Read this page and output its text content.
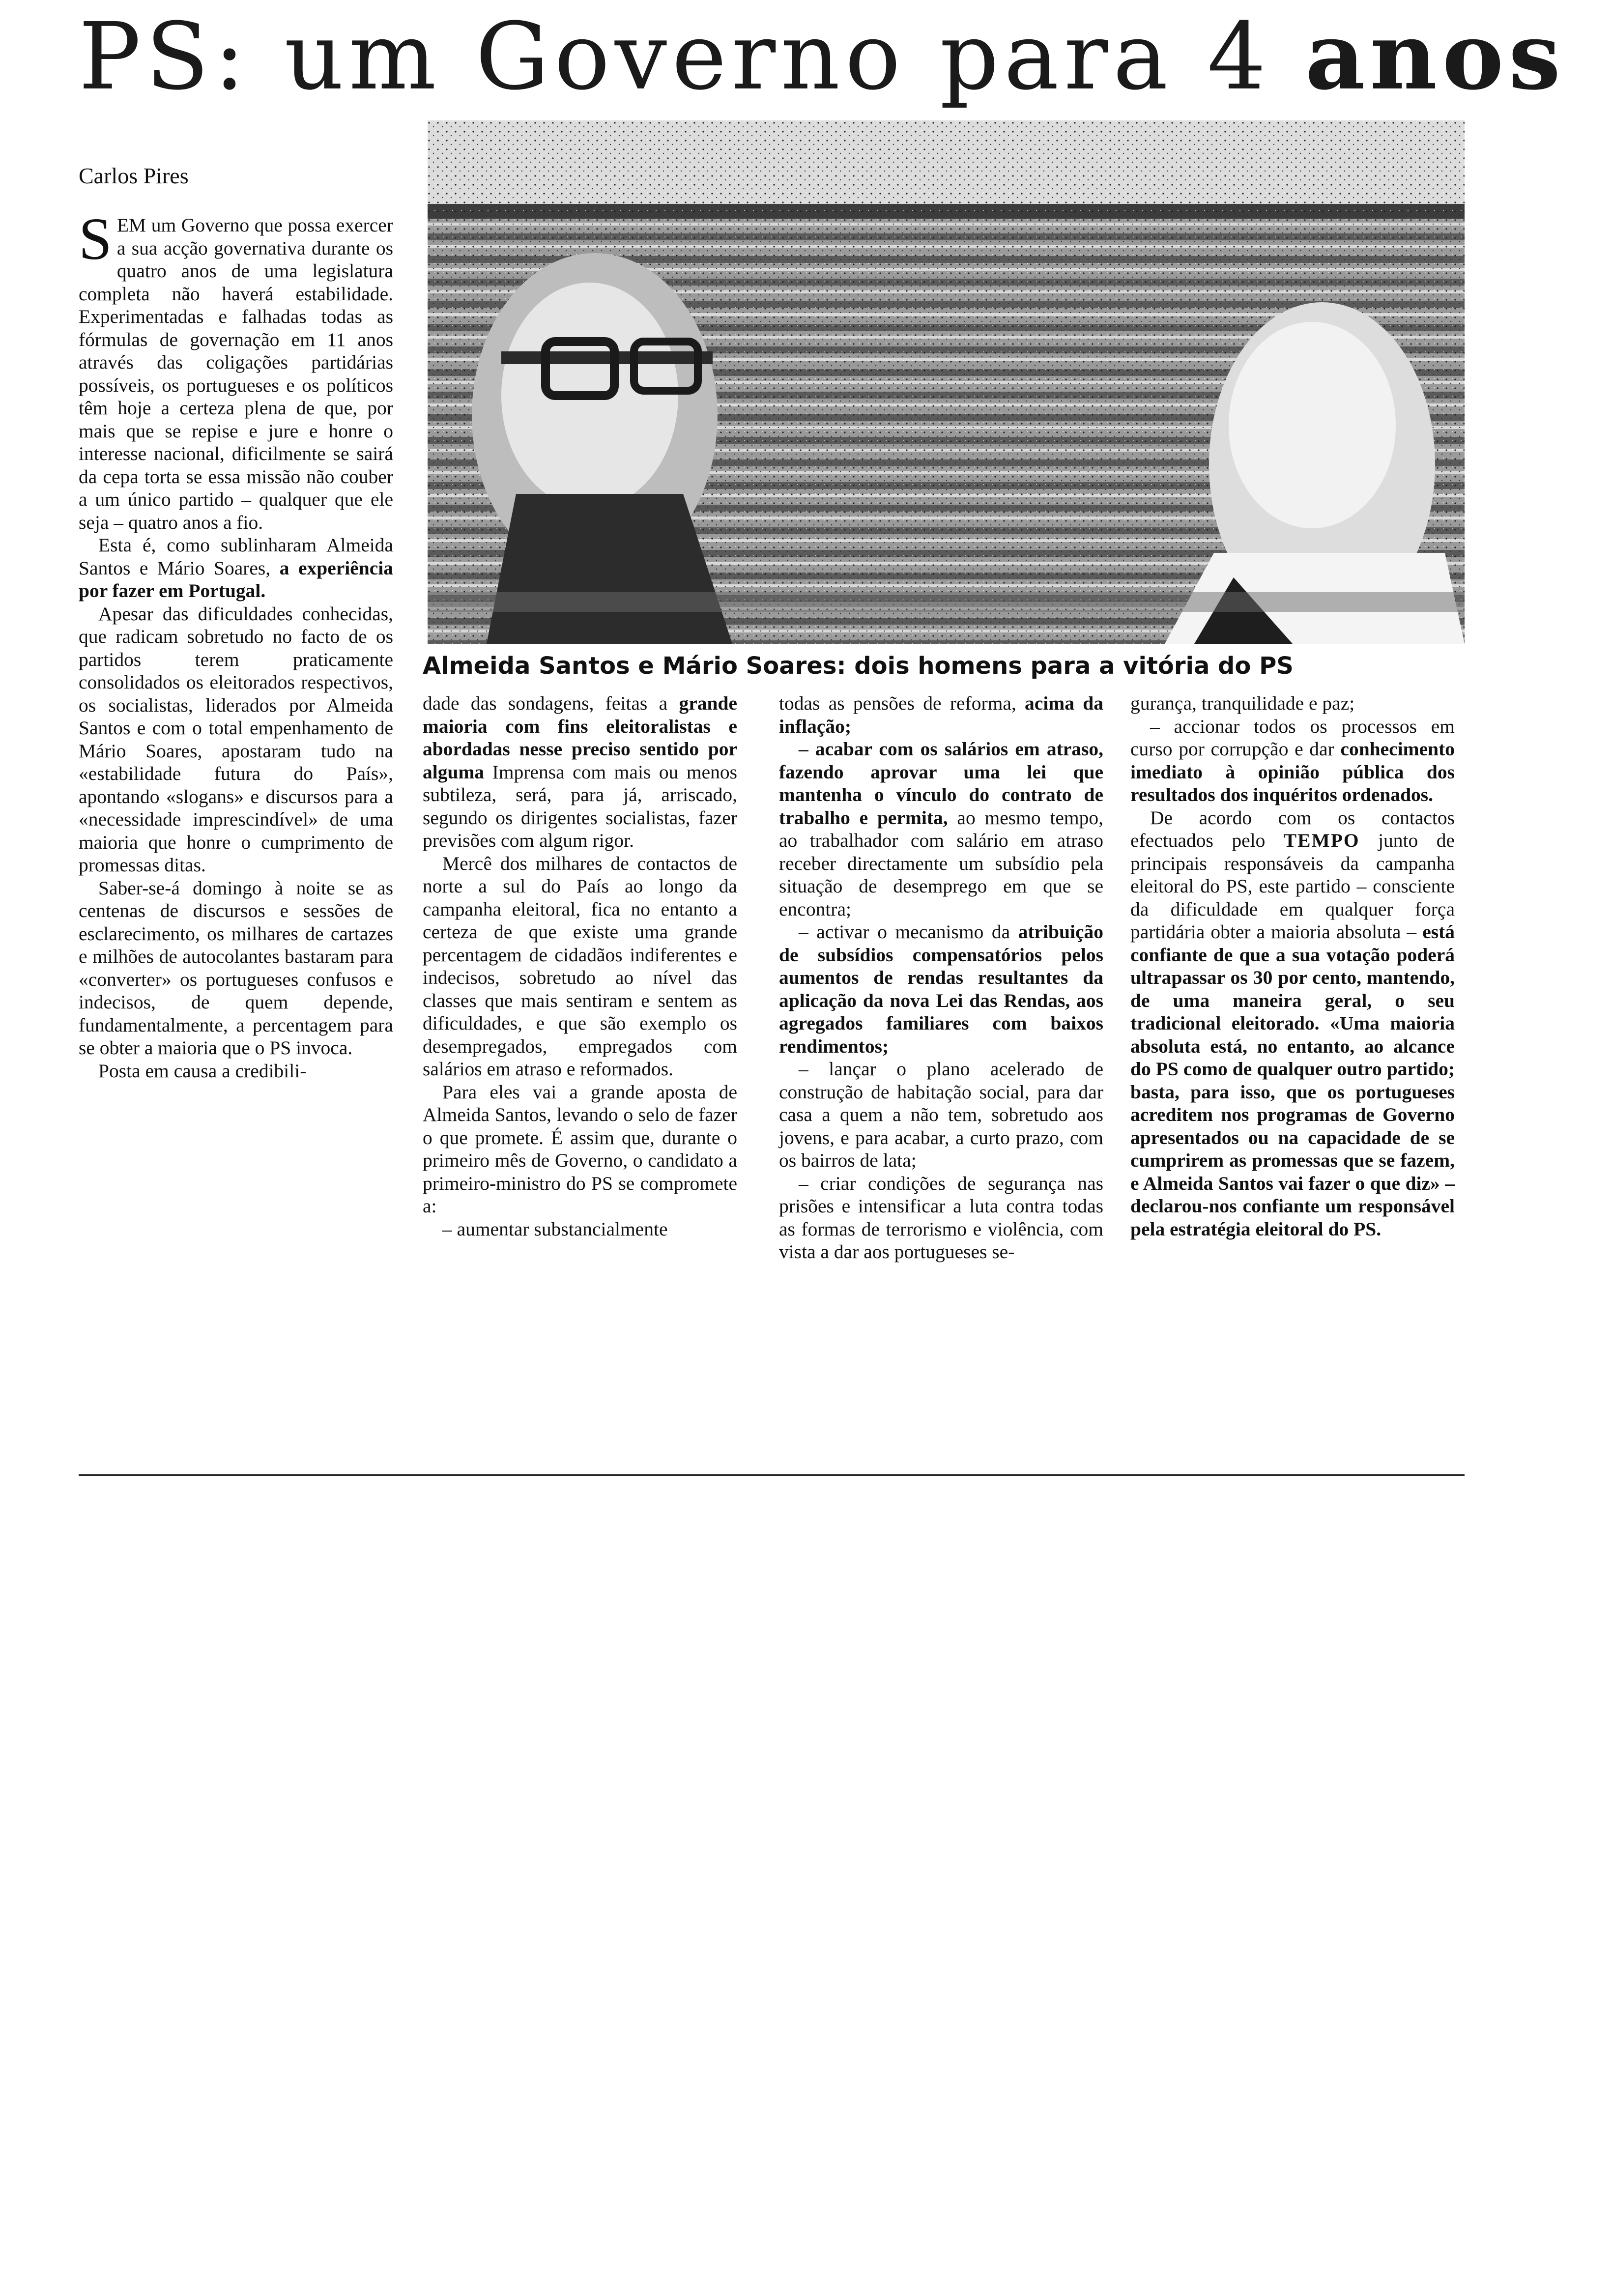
PS: um Governo para 4 anos

Carlos Pires

Almeida Santos e Mário Soares: dois homens para a vitória do PS

SEM um Governo que possa exercer a sua acção governativa durante os quatro anos de uma legislatura completa não haverá estabilidade. Experimentadas e falhadas todas as fórmulas de governação em 11 anos através das coligações partidárias possíveis, os portugueses e os políticos têm hoje a certeza plena de que, por mais que se repise e jure e honre o interesse nacional, dificilmente se sairá da cepa torta se essa missão não couber a um único partido – qualquer que ele seja – quatro anos a fio.

Esta é, como sublinharam Almeida Santos e Mário Soares, a experiência por fazer em Portugal.

Apesar das dificuldades conhecidas, que radicam sobretudo no facto de os partidos terem praticamente consolidados os eleitorados respectivos, os socialistas, liderados por Almeida Santos e com o total empenhamento de Mário Soares, apostaram tudo na «estabilidade futura do País», apontando «slogans» e discursos para a «necessidade imprescindível» de uma maioria que honre o cumprimento de promessas ditas.

Saber-se-á domingo à noite se as centenas de discursos e sessões de esclarecimento, os milhares de cartazes e milhões de autocolantes bastaram para «converter» os portugueses confusos e indecisos, de quem depende, fundamentalmente, a percentagem para se obter a maioria que o PS invoca.

Posta em causa a credibili-

dade das sondagens, feitas a grande maioria com fins eleitoralistas e abordadas nesse preciso sentido por alguma Imprensa com mais ou menos subtileza, será, para já, arriscado, segundo os dirigentes socialistas, fazer previsões com algum rigor.

Mercê dos milhares de contactos de norte a sul do País ao longo da campanha eleitoral, fica no entanto a certeza de que existe uma grande percentagem de cidadãos indiferentes e indecisos, sobretudo ao nível das classes que mais sentiram e sentem as dificuldades, e que são exemplo os desempregados, empregados com salários em atraso e reformados.

Para eles vai a grande aposta de Almeida Santos, levando o selo de fazer o que promete. É assim que, durante o primeiro mês de Governo, o candidato a primeiro-ministro do PS se compromete a:

– aumentar substancialmente

todas as pensões de reforma, acima da inflação;

– acabar com os salários em atraso, fazendo aprovar uma lei que mantenha o vínculo do contrato de trabalho e permita, ao mesmo tempo, ao trabalhador com salário em atraso receber directamente um subsídio pela situação de desemprego em que se encontra;

– activar o mecanismo da atribuição de subsídios compensatórios pelos aumentos de rendas resultantes da aplicação da nova Lei das Rendas, aos agregados familiares com baixos rendimentos;

– lançar o plano acelerado de construção de habitação social, para dar casa a quem a não tem, sobretudo aos jovens, e para acabar, a curto prazo, com os bairros de lata;

– criar condições de segurança nas prisões e intensificar a luta contra todas as formas de terrorismo e violência, com vista a dar aos portugueses se-

gurança, tranquilidade e paz;

– accionar todos os processos em curso por corrupção e dar conhecimento imediato à opinião pública dos resultados dos inquéritos ordenados.

De acordo com os contactos efectuados pelo TEMPO junto de principais responsáveis da campanha eleitoral do PS, este partido – consciente da dificuldade em qualquer força partidária obter a maioria absoluta – está confiante de que a sua votação poderá ultrapassar os 30 por cento, mantendo, de uma maneira geral, o seu tradicional eleitorado. «Uma maioria absoluta está, no entanto, ao alcance do PS como de qualquer outro partido; basta, para isso, que os portugueses acreditem nos programas de Governo apresentados ou na capacidade de se cumprirem as promessas que se fazem, e Almeida Santos vai fazer o que diz» – declarou-nos confiante um responsável pela estratégia eleitoral do PS.
